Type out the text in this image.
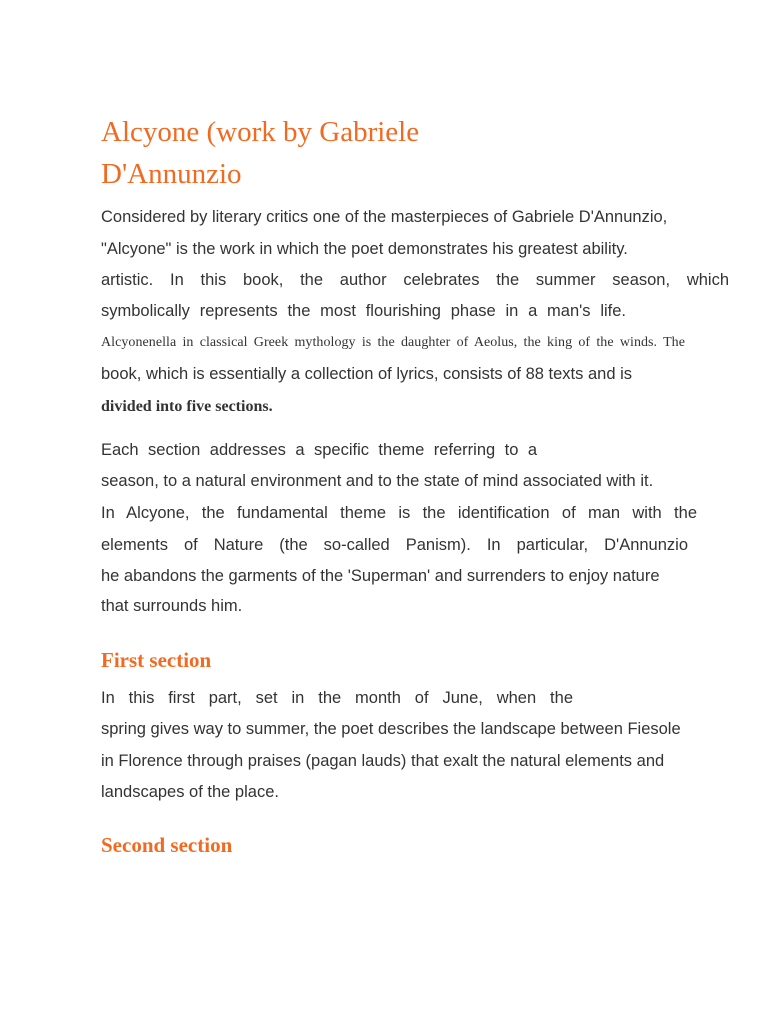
Alcyone (work by Gabriele
D'Annunzio
Considered by literary critics one of the masterpieces of Gabriele D'Annunzio,
"Alcyone" is the work in which the poet demonstrates his greatest ability.
artistic. In this book, the author celebrates the summer season, which
symbolically represents the most flourishing phase in a man's life.
Alcyonenella in classical Greek mythology is the daughter of Aeolus, the king of the winds. The
book, which is essentially a collection of lyrics, consists of 88 texts and is
divided into five sections.
Each section addresses a specific theme referring to a
season, to a natural environment and to the state of mind associated with it.
In Alcyone, the fundamental theme is the identification of man with the
elements of Nature (the so-called Panism). In particular, D'Annunzio
he abandons the garments of the 'Superman' and surrenders to enjoy nature
that surrounds him.
First section
In this first part, set in the month of June, when the
spring gives way to summer, the poet describes the landscape between Fiesole
in Florence through praises (pagan lauds) that exalt the natural elements and
landscapes of the place.
Second section
